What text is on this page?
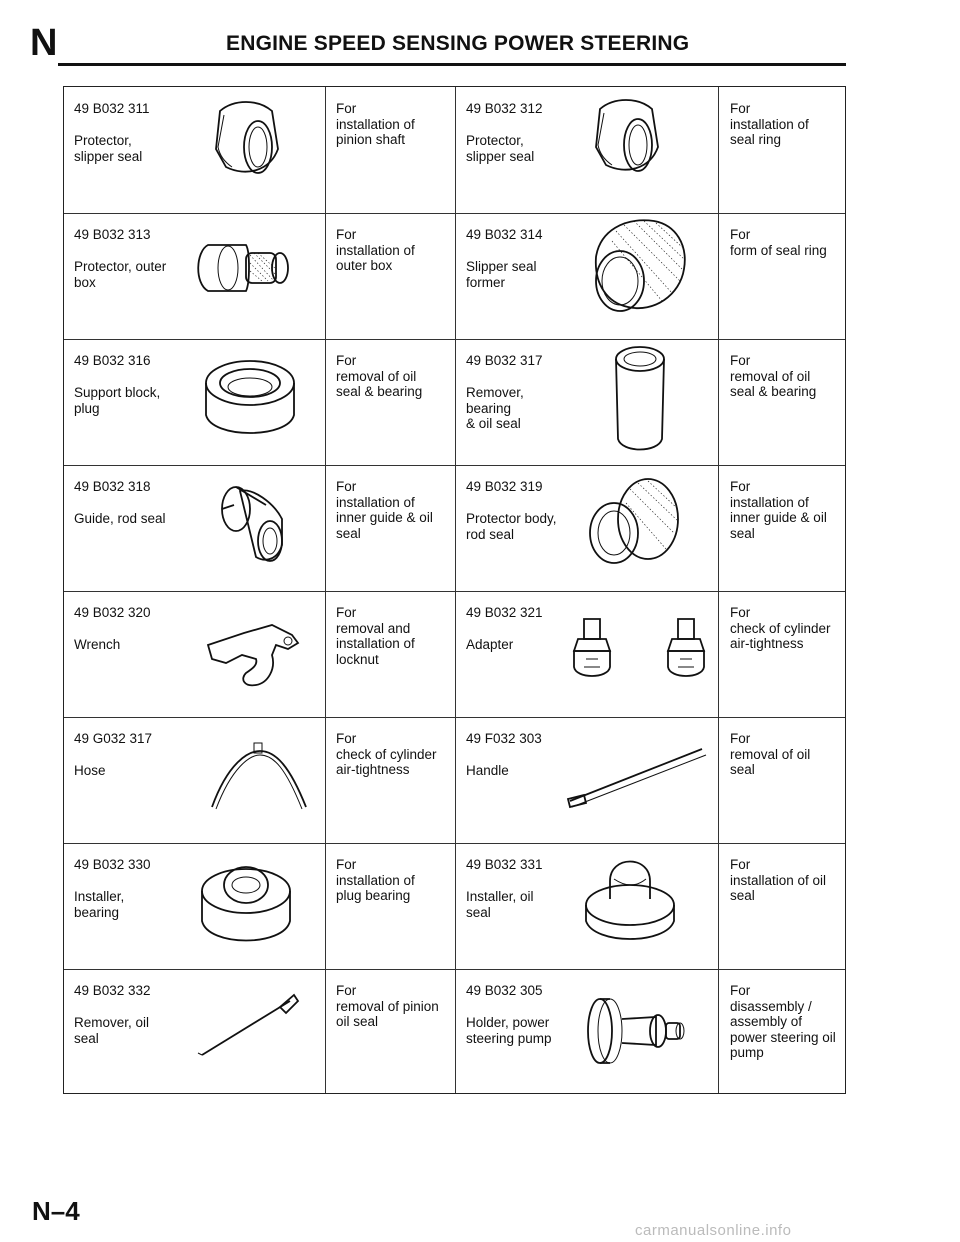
N	ENGINE SPEED SENSING POWER STEERING
49 B032 311
Protector,
slipper seal
For
installation of
pinion shaft
49 B032 312
Protector,
slipper seal
For
installation of
seal ring
49 B032 313
Protector, outer
box
For
installation of
outer box
49 B032 314
Slipper seal
former
For
form of seal ring
49 B032 316
Support block,
plug
For
removal of oil
seal & bearing
49 B032 317
Remover,
bearing
& oil seal
For
removal of oil
seal & bearing
49 B032 318
Guide, rod seal
For
installation of
inner guide & oil
seal
49 B032 319
Protector body,
rod seal
For
installation of
inner guide & oil
seal
49 B032 320
Wrench
For
removal and
installation of
locknut
49 B032 321
Adapter
For
check of cylinder
air-tightness
49 G032 317
Hose
For
check of cylinder
air-tightness
49 F032 303
Handle
For
removal of oil
seal
49 B032 330
Installer,
bearing
For
installation of
plug bearing
49 B032 331
Installer, oil
seal
For
installation of oil
seal
49 B032 332
Remover, oil
seal
For
removal of pinion
oil seal
49 B032 305
Holder, power
steering pump
For
disassembly /
assembly of
power steering oil
pump
N–4
carmanualsonline.info
